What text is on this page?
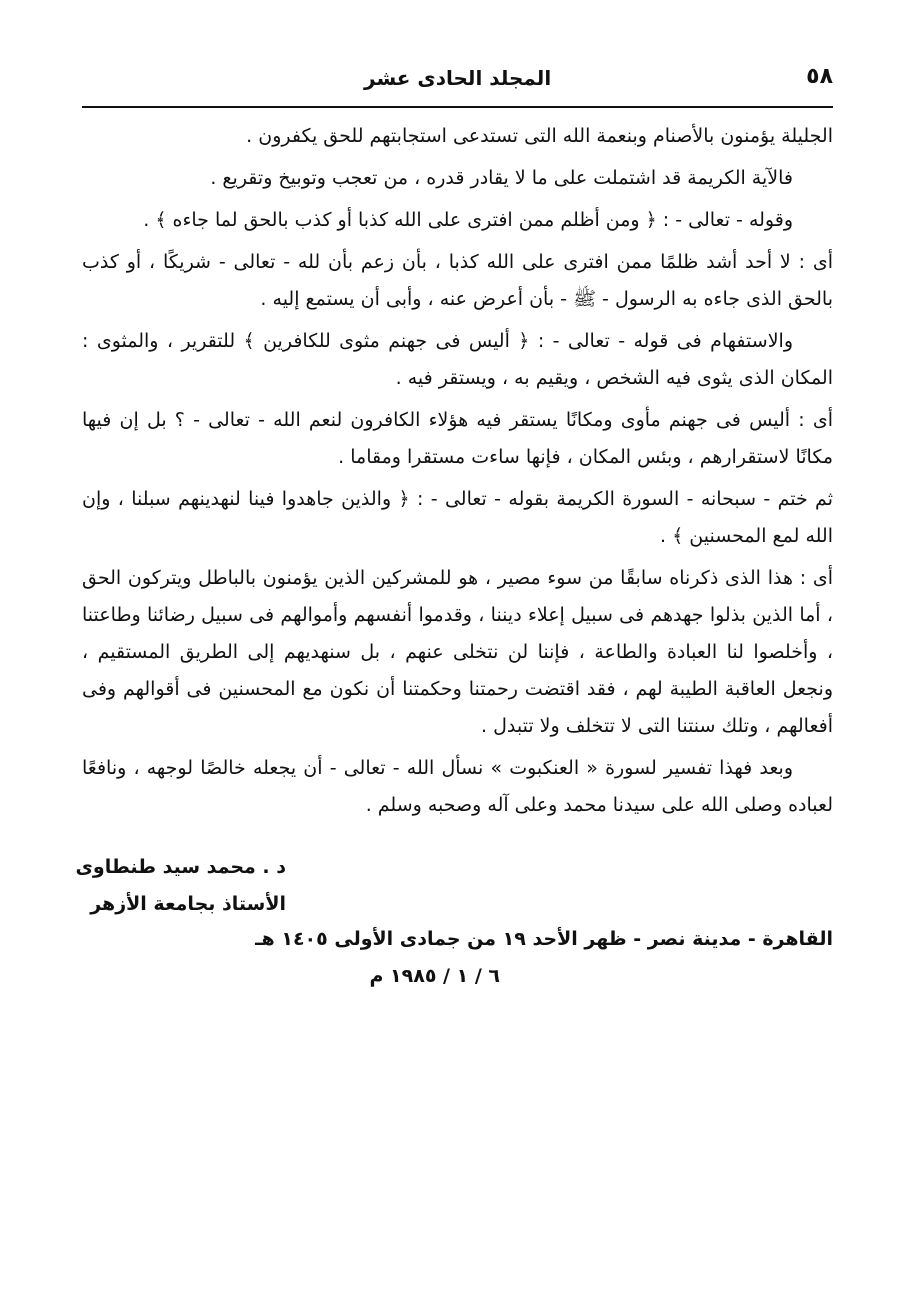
٥٨
المجلد الحادى عشر

الجليلة يؤمنون بالأصنام وبنعمة الله التى تستدعى استجابتهم للحق يكفرون .

فالآية الكريمة قد اشتملت على ما لا يقادر قدره ، من تعجب وتوبيخ وتقريع .

وقوله - تعالى - : ﴿ ومن أظلم ممن افترى على الله كذبا أو كذب بالحق لما جاءه ﴾ .

أى : لا أحد أشد ظلمًا ممن افترى على الله كذبا ، بأن زعم بأن لله - تعالى - شريكًا ، أو كذب بالحق الذى جاءه به الرسول - ﷺ - بأن أعرض عنه ، وأبى أن يستمع إليه .

والاستفهام فى قوله - تعالى - : ﴿ أليس فى جهنم مثوى للكافرين ﴾ للتقرير ، والمثوى : المكان الذى يثوى فيه الشخص ، ويقيم به ، ويستقر فيه .

أى : أليس فى جهنم مأوى ومكانًا يستقر فيه هؤلاء الكافرون لنعم الله - تعالى - ؟ بل إن فيها مكانًا لاستقرارهم ، وبئس المكان ، فإنها ساءت مستقرا ومقاما .

ثم ختم - سبحانه - السورة الكريمة بقوله - تعالى - : ﴿ والذين جاهدوا فينا لنهدينهم سبلنا ، وإن الله لمع المحسنين ﴾ .

أى : هذا الذى ذكرناه سابقًا من سوء مصير ، هو للمشركين الذين يؤمنون بالباطل ويتركون الحق ، أما الذين بذلوا جهدهم فى سبيل إعلاء ديننا ، وقدموا أنفسهم وأموالهم فى سبيل رضائنا وطاعتنا ، وأخلصوا لنا العبادة والطاعة ، فإننا لن نتخلى عنهم ، بل سنهديهم إلى الطريق المستقيم ، ونجعل العاقبة الطيبة لهم ، فقد اقتضت رحمتنا وحكمتنا أن نكون مع المحسنين فى أقوالهم وفى أفعالهم ، وتلك سنتنا التى لا تتخلف ولا تتبدل .

وبعد فهذا تفسير لسورة « العنكبوت » نسأل الله - تعالى - أن يجعله خالصًا لوجهه ، ونافعًا لعباده وصلى الله على سيدنا محمد وعلى آله وصحبه وسلم .

د . محمد سيد طنطاوى
الأستاذ بجامعة الأزهر
القاهرة - مدينة نصر - ظهر الأحد ١٩ من جمادى الأولى ١٤٠٥ هـ
٦ / ١ / ١٩٨٥ م
